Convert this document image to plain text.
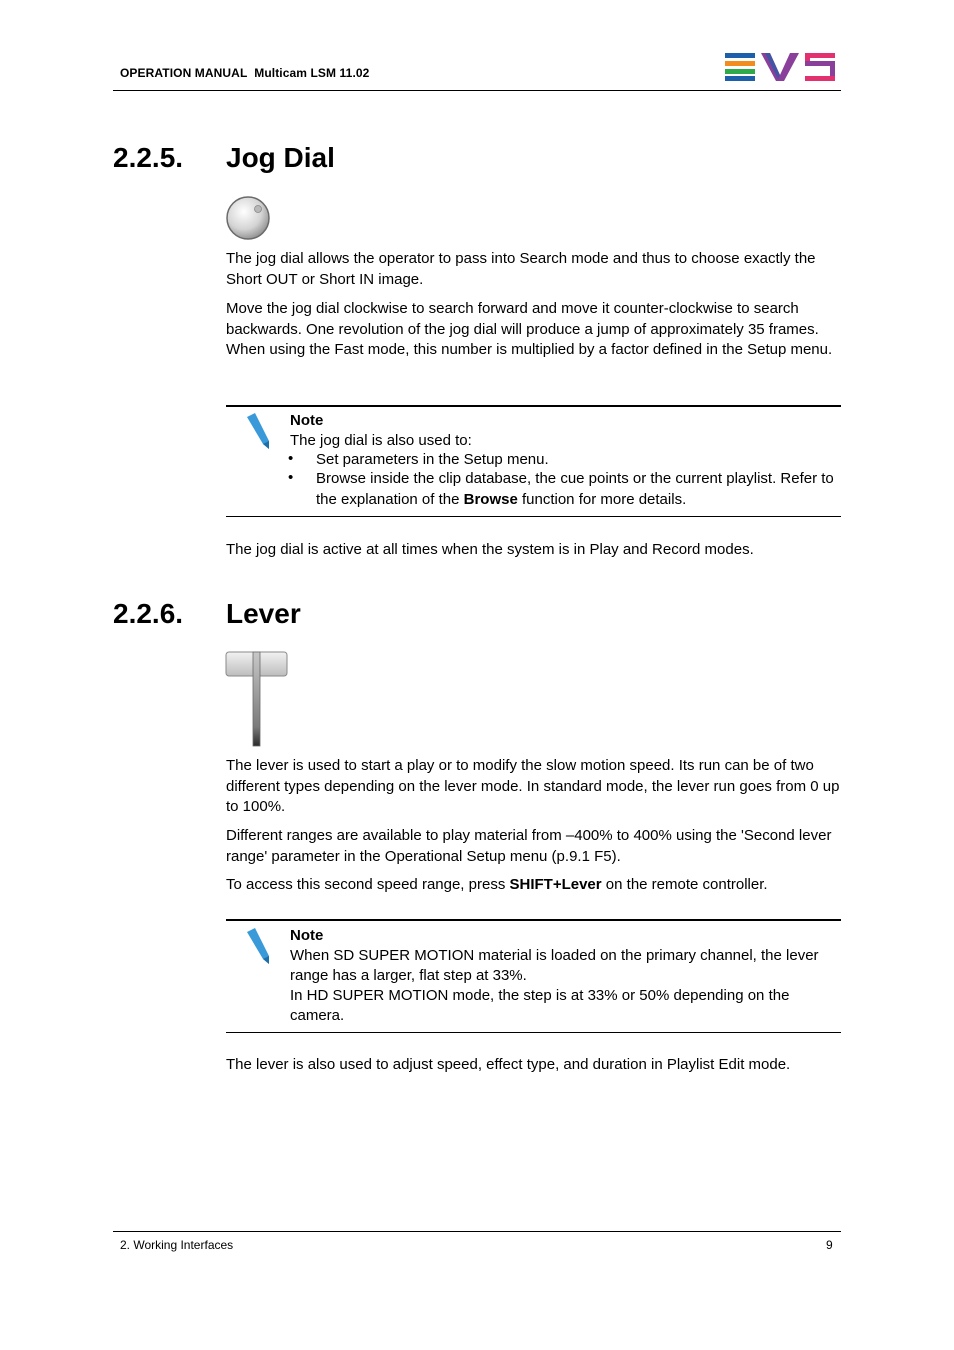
OPERATION MANUAL Multicam LSM 11.02
2.2.5. Jog Dial
The jog dial allows the operator to pass into Search mode and thus to choose exactly the Short OUT or Short IN image.
Move the jog dial clockwise to search forward and move it counter-clockwise to search backwards. One revolution of the jog dial will produce a jump of approximately 35 frames. When using the Fast mode, this number is multiplied by a factor defined in the Setup menu.
Note
The jog dial is also used to:
• Set parameters in the Setup menu.
• Browse inside the clip database, the cue points or the current playlist. Refer to the explanation of the Browse function for more details.
The jog dial is active at all times when the system is in Play and Record modes.
2.2.6. Lever
The lever is used to start a play or to modify the slow motion speed. Its run can be of two different types depending on the lever mode. In standard mode, the lever run goes from 0 up to 100%.
Different ranges are available to play material from –400% to 400% using the 'Second lever range' parameter in the Operational Setup menu (p.9.1 F5).
To access this second speed range, press SHIFT+Lever on the remote controller.
Note
When SD SUPER MOTION material is loaded on the primary channel, the lever range has a larger, flat step at 33%.
In HD SUPER MOTION mode, the step is at 33% or 50% depending on the camera.
The lever is also used to adjust speed, effect type, and duration in Playlist Edit mode.
2. Working Interfaces	9
